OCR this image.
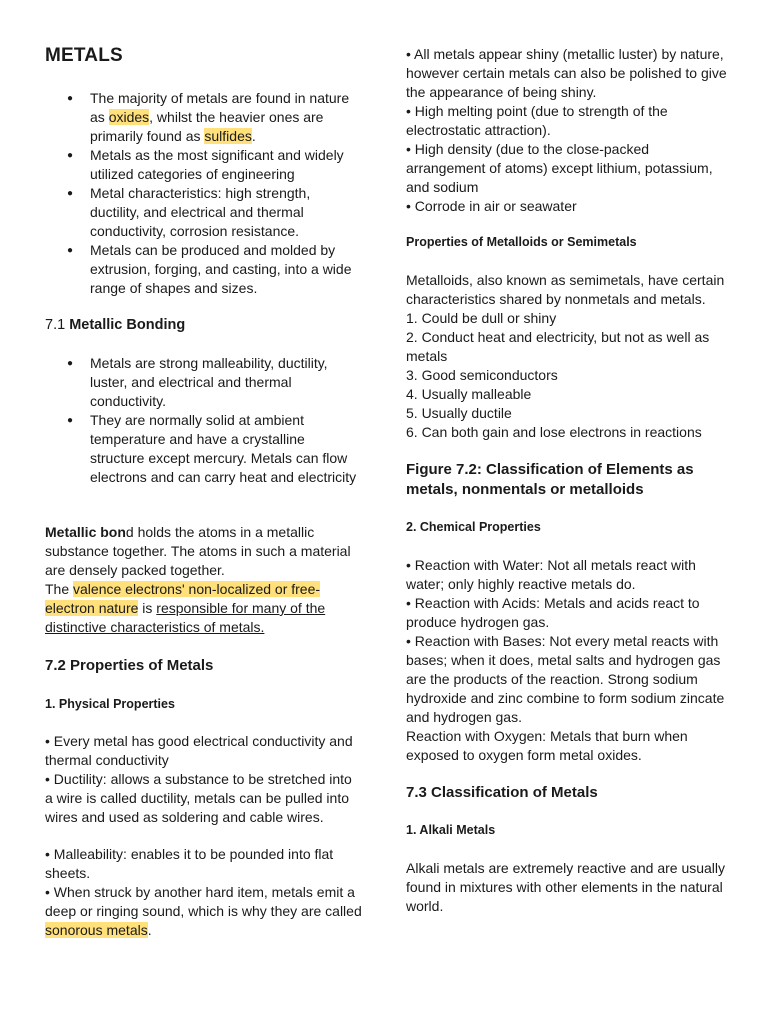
METALS
● The majority of metals are found in nature as oxides, whilst the heavier ones are primarily found as sulfides.
● Metals as the most significant and widely utilized categories of engineering
● Metal characteristics: high strength, ductility, and electrical and thermal conductivity, corrosion resistance.
● Metals can be produced and molded by extrusion, forging, and casting, into a wide range of shapes and sizes.
7.1 Metallic Bonding
● Metals are strong malleability, ductility, luster, and electrical and thermal conductivity.
● They are normally solid at ambient temperature and have a crystalline structure except mercury. Metals can flow electrons and can carry heat and electricity

Metallic bond holds the atoms in a metallic substance together. The atoms in such a material are densely packed together.
The valence electrons' non-localized or free-electron nature is responsible for many of the distinctive characteristics of metals.

7.2 Properties of Metals
1. Physical Properties

• Every metal has good electrical conductivity and thermal conductivity

• Ductility: allows a substance to be stretched into a wire is called ductility, metals can be pulled into wires and used as soldering and cable wires.

• Malleability: enables it to be pounded into flat sheets.

• When struck by another hard item, metals emit a deep or ringing sound, which is why they are called sonorous metals.

• All metals appear shiny (metallic luster) by nature, however certain metals can also be polished to give the appearance of being shiny.

• High melting point (due to strength of the electrostatic attraction).

• High density (due to the close-packed arrangement of atoms) except lithium, potassium, and sodium

• Corrode in air or seawater

Properties of Metalloids or Semimetals

Metalloids, also known as semimetals, have certain characteristics shared by nonmetals and metals.

1. Could be dull or shiny

2. Conduct heat and electricity, but not as well as metals

3. Good semiconductors

4. Usually malleable

5. Usually ductile

6. Can both gain and lose electrons in reactions

Figure 7.2: Classification of Elements as metals, nonmentals or metalloids
2. Chemical Properties

• Reaction with Water: Not all metals react with water; only highly reactive metals do.

• Reaction with Acids: Metals and acids react to produce hydrogen gas.

• Reaction with Bases: Not every metal reacts with bases; when it does, metal salts and hydrogen gas are the products of the reaction. Strong sodium hydroxide and zinc combine to form sodium zincate and hydrogen gas.

Reaction with Oxygen: Metals that burn when exposed to oxygen form metal oxides.

7.3 Classification of Metals
1. Alkali Metals

Alkali metals are extremely reactive and are usually found in mixtures with other elements in the natural world.
